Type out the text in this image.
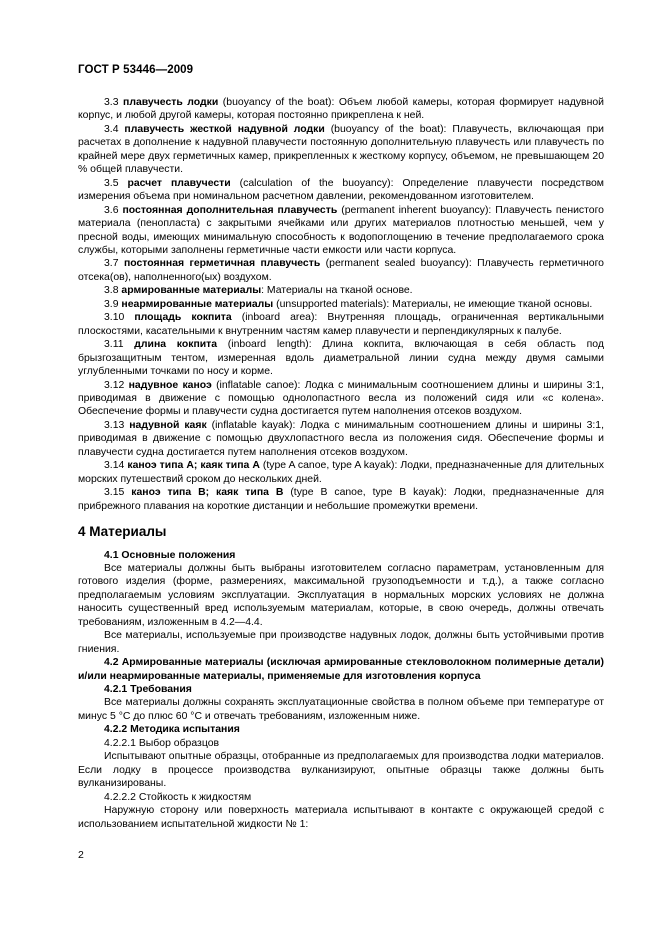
ГОСТ Р 53446—2009

3.3 плавучесть лодки (buoyancy of the boat): Объем любой камеры, которая формирует надувной корпус, и любой другой камеры, которая постоянно прикреплена к ней.

3.4 плавучесть жесткой надувной лодки (buoyancy of the boat): Плавучесть, включающая при расчетах в дополнение к надувной плавучести постоянную дополнительную плавучесть или плавучесть по крайней мере двух герметичных камер, прикрепленных к жесткому корпусу, объемом, не превышающем 20 % общей плавучести.

3.5 расчет плавучести (calculation of the buoyancy): Определение плавучести посредством измерения объема при номинальном расчетном давлении, рекомендованном изготовителем.

3.6 постоянная дополнительная плавучесть (permanent inherent buoyancy): Плавучесть пенистого материала (пенопласта) с закрытыми ячейками или других материалов плотностью меньшей, чем у пресной воды, имеющих минимальную способность к водопоглощению в течение предполагаемого срока службы, которыми заполнены герметичные части емкости или части корпуса.

3.7 постоянная герметичная плавучесть (permanent sealed buoyancy): Плавучесть герметичного отсека(ов), наполненного(ых) воздухом.

3.8 армированные материалы: Материалы на тканой основе.

3.9 неармированные материалы (unsupported materials): Материалы, не имеющие тканой основы.

3.10 площадь кокпита (inboard area): Внутренняя площадь, ограниченная вертикальными плоскостями, касательными к внутренним частям камер плавучести и перпендикулярных к палубе.

3.11 длина кокпита (inboard length): Длина кокпита, включающая в себя область под брызгозащитным тентом, измеренная вдоль диаметральной линии судна между двумя самыми углубленными точками по носу и корме.

3.12 надувное каноэ (inflatable canoe): Лодка с минимальным соотношением длины и ширины 3:1, приводимая в движение с помощью однолопастного весла из положений сидя или «с колена». Обеспечение формы и плавучести судна достигается путем наполнения отсеков воздухом.

3.13 надувной каяк (inflatable kayak): Лодка с минимальным соотношением длины и ширины 3:1, приводимая в движение с помощью двухлопастного весла из положения сидя. Обеспечение формы и плавучести судна достигается путем наполнения отсеков воздухом.

3.14 каноэ типа А; каяк типа А (type A canoe, type A kayak): Лодки, предназначенные для длительных морских путешествий сроком до нескольких дней.

3.15 каноэ типа В; каяк типа В (type B canoe, type B kayak): Лодки, предназначенные для прибрежного плавания на короткие дистанции и небольшие промежутки времени.

4 Материалы

4.1 Основные положения

Все материалы должны быть выбраны изготовителем согласно параметрам, установленным для готового изделия (форме, размерениях, максимальной грузоподъемности и т.д.), а также согласно предполагаемым условиям эксплуатации. Эксплуатация в нормальных морских условиях не должна наносить существенный вред используемым материалам, которые, в свою очередь, должны отвечать требованиям, изложенным в 4.2—4.4.

Все материалы, используемые при производстве надувных лодок, должны быть устойчивыми против гниения.

4.2 Армированные материалы (исключая армированные стекловолокном полимерные детали) и/или неармированные материалы, применяемые для изготовления корпуса

4.2.1 Требования

Все материалы должны сохранять эксплуатационные свойства в полном объеме при температуре от минус 5 °С до плюс 60 °С и отвечать требованиям, изложенным ниже.

4.2.2 Методика испытания

4.2.2.1 Выбор образцов

Испытывают опытные образцы, отобранные из предполагаемых для производства лодки материалов. Если лодку в процессе производства вулканизируют, опытные образцы также должны быть вулканизированы.

4.2.2.2 Стойкость к жидкостям

Наружную сторону или поверхность материала испытывают в контакте с окружающей средой с использованием испытательной жидкости № 1:

2
